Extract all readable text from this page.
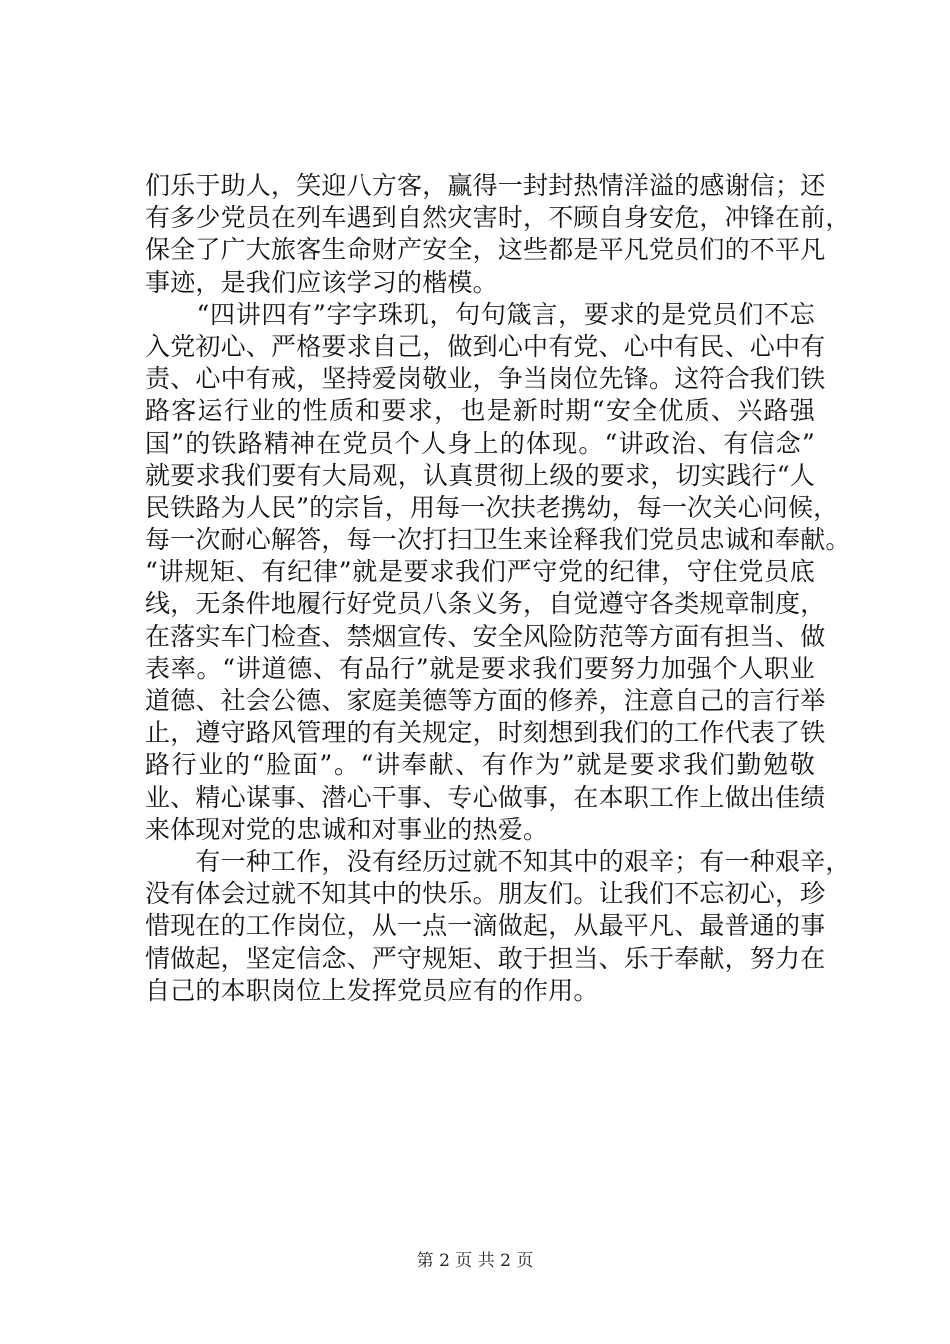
们乐于助人，笑迎八方客，赢得一封封热情洋溢的感谢信；还
有多少党员在列车遇到自然灾害时，不顾自身安危，冲锋在前，
保全了广大旅客生命财产安全，这些都是平凡党员们的不平凡
事迹，是我们应该学习的楷模。
　　“四讲四有”字字珠玑，句句箴言，要求的是党员们不忘
入党初心、严格要求自己，做到心中有党、心中有民、心中有
责、心中有戒，坚持爱岗敬业，争当岗位先锋。这符合我们铁
路客运行业的性质和要求，也是新时期“安全优质、兴路强
国”的铁路精神在党员个人身上的体现。“讲政治、有信念”
就要求我们要有大局观，认真贯彻上级的要求，切实践行“人
民铁路为人民”的宗旨，用每一次扶老携幼，每一次关心问候，
每一次耐心解答，每一次打扫卫生来诠释我们党员忠诚和奉献。
“讲规矩、有纪律”就是要求我们严守党的纪律，守住党员底
线，无条件地履行好党员八条义务，自觉遵守各类规章制度，
在落实车门检查、禁烟宣传、安全风险防范等方面有担当、做
表率。“讲道德、有品行”就是要求我们要努力加强个人职业
道德、社会公德、家庭美德等方面的修养，注意自己的言行举
止，遵守路风管理的有关规定，时刻想到我们的工作代表了铁
路行业的“脸面”。“讲奉献、有作为”就是要求我们勤勉敬
业、精心谋事、潜心干事、专心做事，在本职工作上做出佳绩
来体现对党的忠诚和对事业的热爱。
　　有一种工作，没有经历过就不知其中的艰辛；有一种艰辛，
没有体会过就不知其中的快乐。朋友们。让我们不忘初心，珍
惜现在的工作岗位，从一点一滴做起，从最平凡、最普通的事
情做起，坚定信念、严守规矩、敢于担当、乐于奉献，努力在
自己的本职岗位上发挥党员应有的作用。
第 2 页 共 2 页
